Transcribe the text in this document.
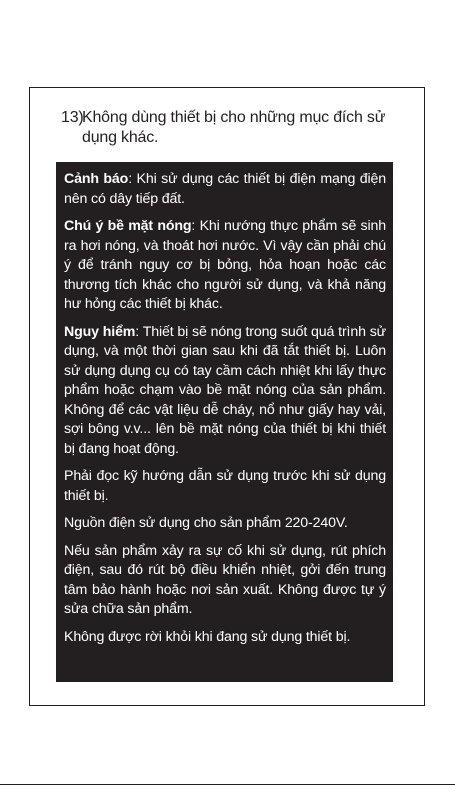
13)
Không dùng thiết bị cho những mục đích sử dụng khác.

Cảnh báo: Khi sử dụng các thiết bị điện mạng điện nên có dây tiếp đất.

Chú ý bề mặt nóng: Khi nướng thực phẩm sẽ sinh ra hơi nóng, và thoát hơi nước. Vì vậy cần phải chú ý để tránh nguy cơ bị bỏng, hỏa hoạn hoặc các thương tích khác cho người sử dụng, và khả năng hư hỏng các thiết bị khác.

Nguy hiểm: Thiết bị sẽ nóng trong suốt quá trình sử dụng, và một thời gian sau khi đã tắt thiết bị. Luôn sử dụng dụng cụ có tay cầm cách nhiệt khi lấy thực phẩm hoặc chạm vào bề mặt nóng của sản phẩm. Không để các vật liệu dễ cháy, nổ như giấy hay vải, sợi bông v.v... lên bề mặt nóng của thiết bị khi thiết bị đang hoạt động.

Phải đọc kỹ hướng dẫn sử dụng trước khi sử dụng thiết bị.

Nguồn điện sử dụng cho sản phẩm 220-240V.

Nếu sản phẩm xảy ra sự cố khi sử dụng, rút phích điện, sau đó rút bộ điều khiển nhiệt, gởi đến trung tâm bảo hành hoặc nơi sản xuất. Không được tự ý sửa chữa sản phẩm.

Không được rời khỏi khi đang sử dụng thiết bị.
